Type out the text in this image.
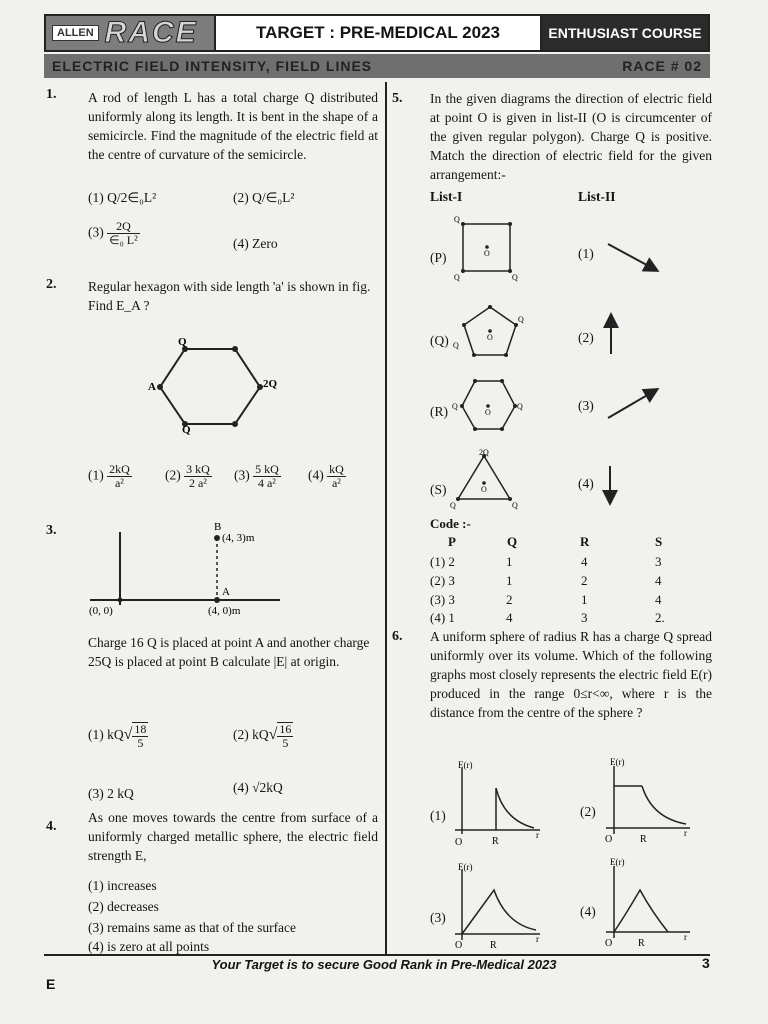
ALLEN RACE	TARGET : PRE-MEDICAL 2023	ENTHUSIAST COURSE
ELECTRIC FIELD INTENSITY, FIELD LINES	RACE # 02
1. A rod of length L has a total charge Q distributed uniformly along its length. It is bent in the shape of a semicircle. Find the magnitude of the electric field at the centre of curvature of the semicircle.
(1) Q/2∈₀L²	(2) Q/∈₀L²
$(3) \frac{2Q}{\text{∈₀ L²}}$	(4) Zero
2. Regular hexagon with side length 'a' is shown in fig. Find E_A ?
Q
Q
A	2Q
$(1) \frac{2kQ}{\text{a²}} (2) \frac{3 kQ}{\text{2 a²}} (3) \frac{5 kQ}{\text{4 a²}} (4) \frac{kQ}{\text{a²}}$
3.	B
(4, 3)m
A
(4, 0)m
(0, 0)
Charge 16 Q is placed at point A and another charge 25Q is placed at point B calculate |E| at origin.
(1) $kQ√ \frac{18}{5}$	(2) $kQ√ \frac{16}{5}$
(3) 2 kQ	(4) √2kQ
4.
As one moves towards the centre from surface of a uniformly charged metallic sphere, the electric field strength E,
(1) increases
(2) decreases
(3) remains same as that of the surface
(4) is zero at all points
5. In the given diagrams the direction of electric field at point O is given in list-II (O is circumcenter of the given regular polygon). Charge Q is positive. Match the direction of electric field for the given arrangement:-
List-I	List-II
(P)
(Q)
(R)
(S)
Q
Q	Q
O
Q
Q
O
Q	Q
O
2Q
Q	Q
O
(1)
(2)
(3)
(4)
Code :-
P	Q	R	S
(1) 2	1	4	3
(2) 3	1	2	4
(3) 3	2	1	4
(4) 1	4	3	2.
6. A uniform sphere of radius R has a charge Q spread uniformly over its volume. Which of the following graphs most closely represents the electric field E(r) produced in the range 0≤r<∞, where r is the distance from the centre of the sphere ?
(1)	(2)
(3)	(4)
E(r)
O	R
r
E(r)
O	R
r
E(r)
O	R
r
E(r)
O	R
r
E
Your Target is to secure Good Rank in Pre-Medical 2023	3
